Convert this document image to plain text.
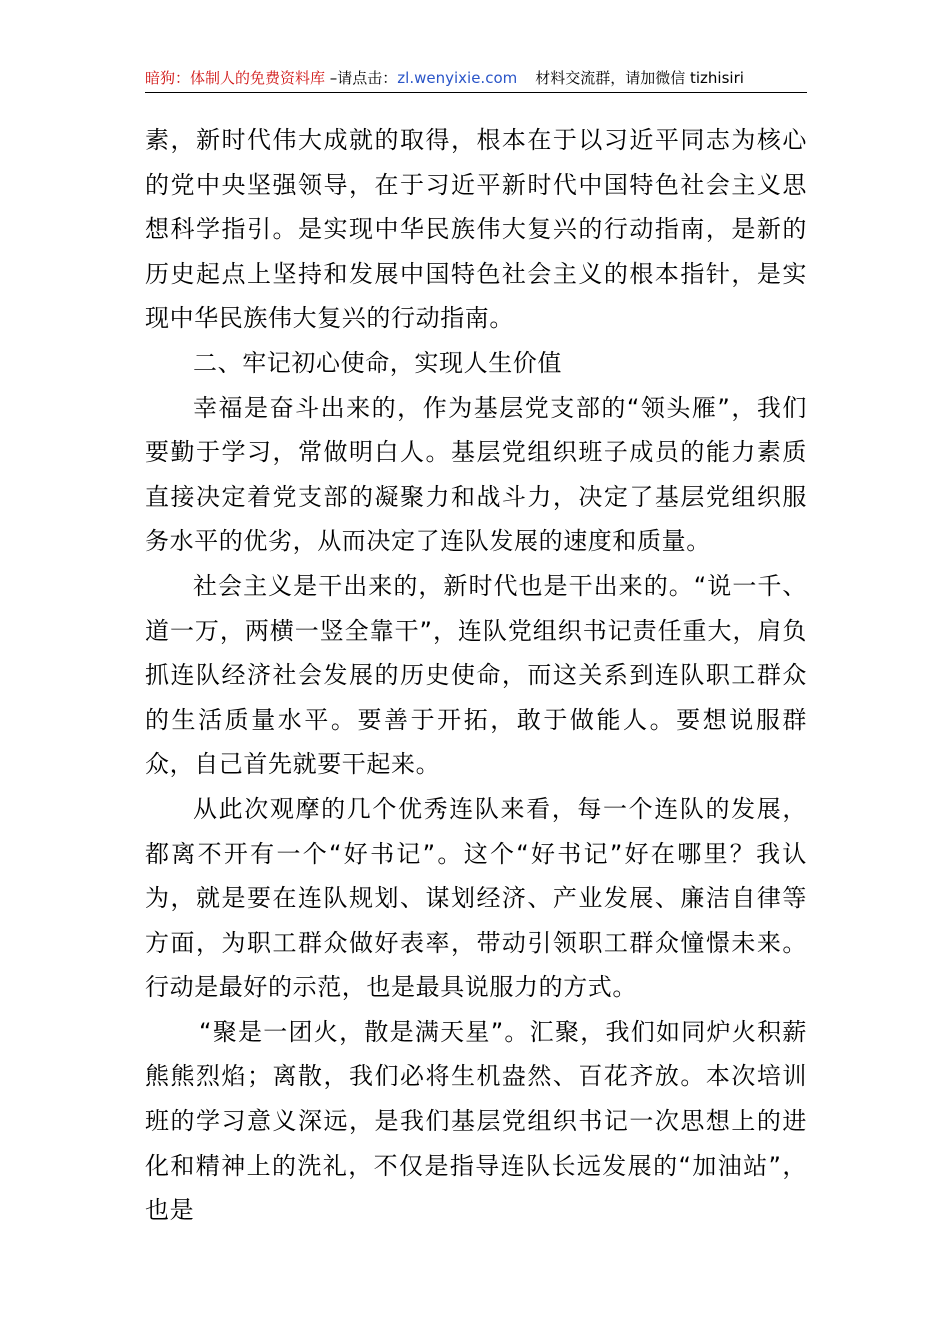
暗狗：体制人的免费资料库 –请点击：zl.wenyixie.com 材料交流群，请加微信 tizhisiri

素，新时代伟大成就的取得，根本在于以习近平同志为核心的党中央坚强领导，在于习近平新时代中国特色社会主义思想科学指引。是实现中华民族伟大复兴的行动指南，是新的历史起点上坚持和发展中国特色社会主义的根本指针，是实现中华民族伟大复兴的行动指南。

二、牢记初心使命，实现人生价值

幸福是奋斗出来的，作为基层党支部的“领头雁”，我们要勤于学习，常做明白人。基层党组织班子成员的能力素质直接决定着党支部的凝聚力和战斗力，决定了基层党组织服务水平的优劣，从而决定了连队发展的速度和质量。

社会主义是干出来的，新时代也是干出来的。“说一千、道一万，两横一竖全靠干”，连队党组织书记责任重大，肩负抓连队经济社会发展的历史使命，而这关系到连队职工群众的生活质量水平。要善于开拓，敢于做能人。要想说服群众，自己首先就要干起来。

从此次观摩的几个优秀连队来看，每一个连队的发展，都离不开有一个“好书记”。这个“好书记”好在哪里？我认为，就是要在连队规划、谋划经济、产业发展、廉洁自律等方面，为职工群众做好表率，带动引领职工群众憧憬未来。行动是最好的示范，也是最具说服力的方式。

“聚是一团火，散是满天星”。汇聚，我们如同炉火积薪熊熊烈焰；离散，我们必将生机盎然、百花齐放。本次培训班的学习意义深远，是我们基层党组织书记一次思想上的进化和精神上的洗礼，不仅是指导连队长远发展的“加油站”，也是
